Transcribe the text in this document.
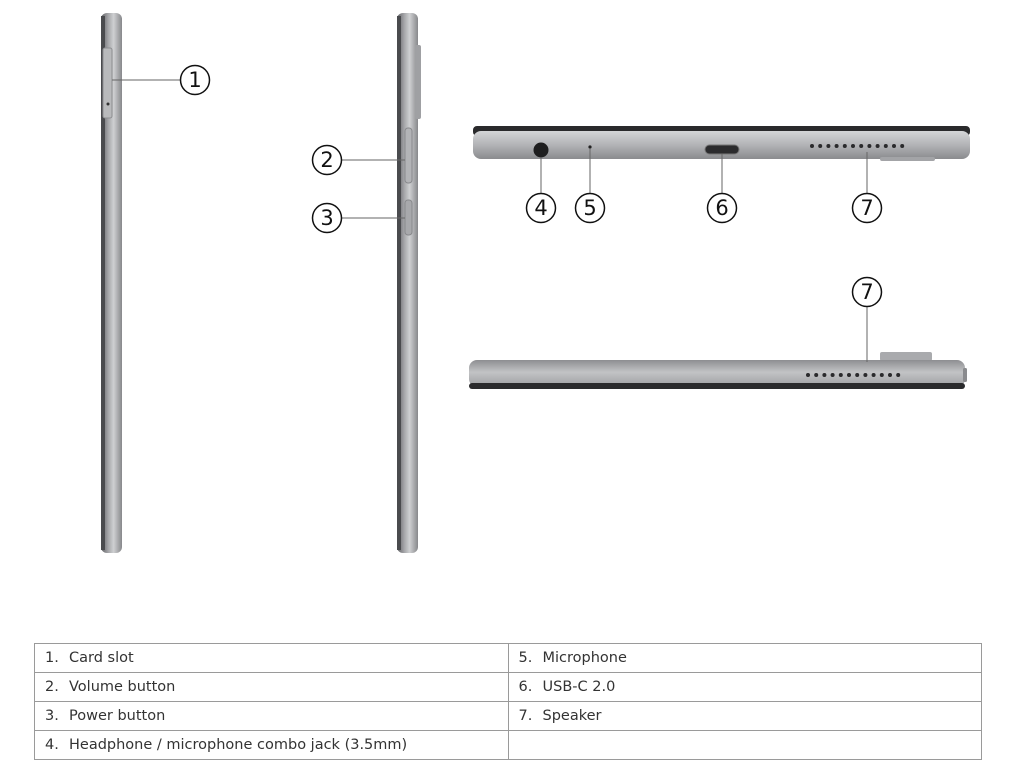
1
2
3	4 5	6	7
7
1. Card slot	5. Microphone
2. Volume button	6. USB-C 2.0
3. Power button	7. Speaker
4. Headphone / microphone combo jack (3.5mm)	
